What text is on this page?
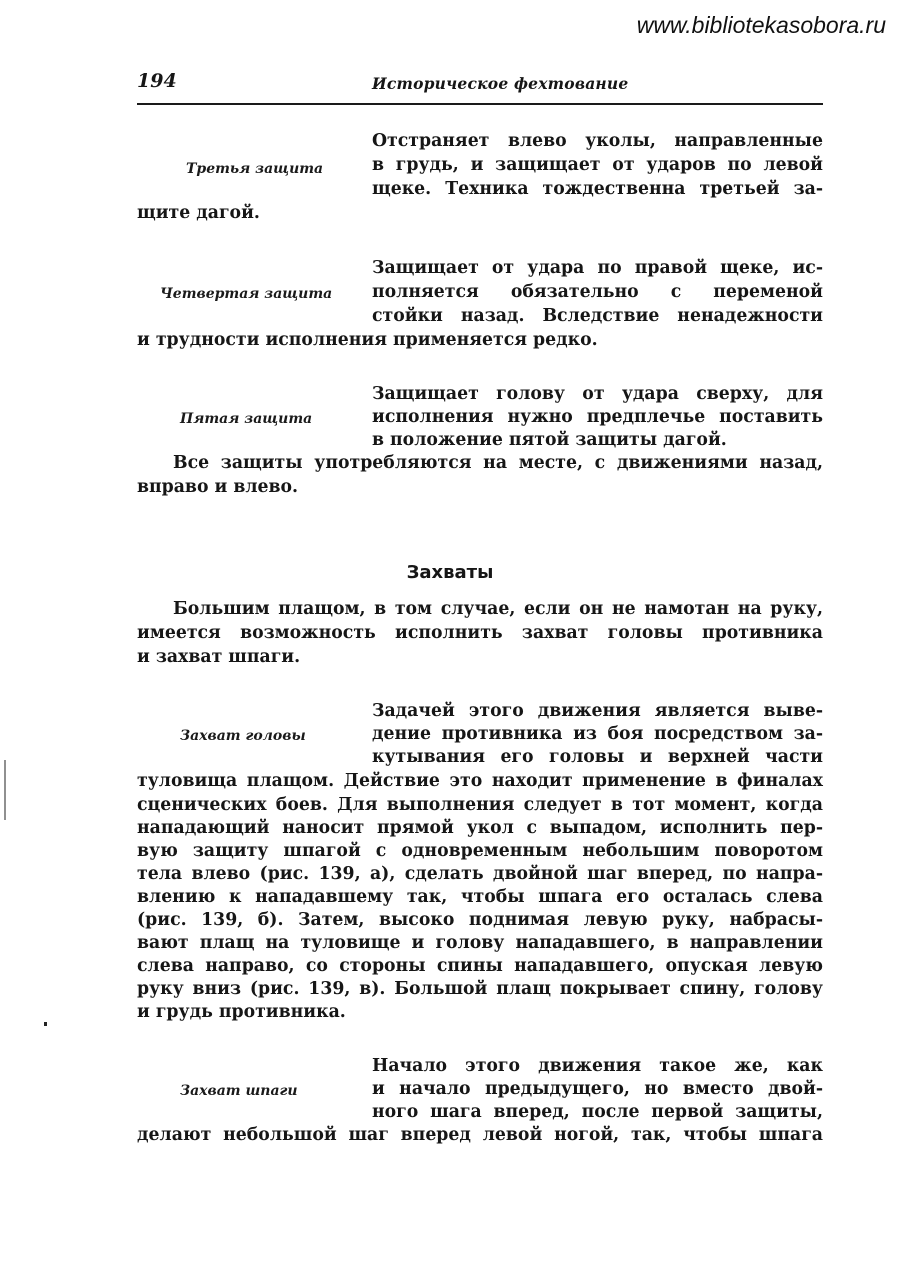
www.bibliotekasobora.ru
194	Историческое фехтование
Третья защита
Отстраняет влево уколы, направленные
в грудь, и защищает от ударов по левой
щеке. Техника тождественна третьей за-
щите дагой.
Четвертая защита
Защищает от удара по правой щеке, ис-
полняется обязательно с переменой
стойки назад. Вследствие ненадежности
и трудности исполнения применяется редко.
Пятая защита
Защищает голову от удара сверху, для
исполнения нужно предплечье поставить
в положение пятой защиты дагой.
Все защиты употребляются на месте, с движениями назад,
вправо и влево.
Захваты
Большим плащом, в том случае, если он не намотан на руку,
имеется возможность исполнить захват головы противника
и захват шпаги.
Захват головы
Задачей этого движения является выве-
дение противника из боя посредством за-
кутывания его головы и верхней части
туловища плащом. Действие это находит применение в финалах
сценических боев. Для выполнения следует в тот момент, когда
нападающий наносит прямой укол с выпадом, исполнить пер-
вую защиту шпагой с одновременным небольшим поворотом
тела влево (рис. 139, а), сделать двойной шаг вперед, по напра-
влению к нападавшему так, чтобы шпага его осталась слева
(рис. 139, б). Затем, высоко поднимая левую руку, набрасы-
вают плащ на туловище и голову нападавшего, в направлении
слева направо, со стороны спины нападавшего, опуская левую
руку вниз (рис. 139, в). Большой плащ покрывает спину, голову
и грудь противника.
Захват шпаги
Начало этого движения такое же, как
и начало предыдущего, но вместо двой-
ного шага вперед, после первой защиты,
делают небольшой шаг вперед левой ногой, так, чтобы шпага
